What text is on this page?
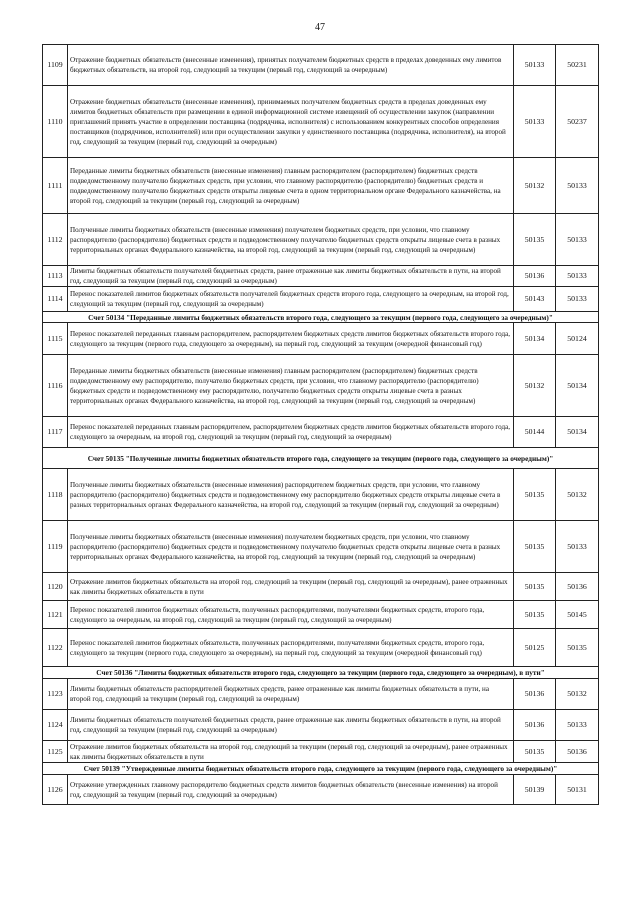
47
1109	Отражение бюджетных обязательств (внесенные изменения), принятых получателем бюджетных средств в пределах доведенных ему лимитов бюджетных обязательств, на второй год, следующий за текущим (первый год, следующий за очередным)	50133	50231
1110	Отражение бюджетных обязательств (внесенные изменения), принимаемых получателем бюджетных средств в пределах доведенных ему лимитов бюджетных обязательств при размещении в единой информационной системе извещений об осуществлении закупок (направлении приглашений принять участие в определении поставщика (подрядчика, исполнителя) с использованием конкурентных способов определения поставщиков (подрядчиков, исполнителей) или при осуществлении закупки у единственного поставщика (подрядчика, исполнителя), на второй год, следующий за текущим (первый год, следующий за очередным)	50133	50237
1111	Переданные лимиты бюджетных обязательств (внесенные изменения) главным распорядителем (распорядителем) бюджетных средств подведомственному получателю бюджетных средств, при условии, что главному распорядителю (распорядителю) бюджетных средств и подведомственному получателю бюджетных средств открыты лицевые счета в одном территориальном органе Федерального казначейства, на второй год, следующий за текущим (первый год, следующий за очередным)	50132	50133
1112	Полученные лимиты бюджетных обязательств (внесенные изменения) получателем бюджетных средств, при условии, что главному распорядителю (распорядителю) бюджетных средств и подведомственному получателю бюджетных средств открыты лицевые счета в разных территориальных органах Федерального казначейства, на второй год, следующий за текущим (первый год, следующий за очередным)	50135	50133
1113	Лимиты бюджетных обязательств получателей бюджетных средств, ранее отраженные как лимиты бюджетных обязательств в пути, на второй год, следующий за текущим (первый год, следующий за очередным)	50136	50133
1114	Перенос показателей лимитов бюджетных обязательств получателей бюджетных средств второго года, следующего за очередным, на второй год, следующий за текущим (первый год, следующий за очередным)	50143	50133
Счет 50134 "Переданные лимиты бюджетных обязательств второго года, следующего за текущим (первого года, следующего за очередным)"			
1115	Перенос показателей переданных главным распорядителем, распорядителем бюджетных средств лимитов бюджетных обязательств второго года, следующего за текущим (первого года, следующего за очередным), на первый год, следующий за текущим (очередной финансовый год)	50134	50124
1116	Переданные лимиты бюджетных обязательств (внесенные изменения) главным распорядителем (распорядителем) бюджетных средств подведомственному ему распорядителю, получателю бюджетных средств, при условии, что главному распорядителю (распорядителю) бюджетных средств и подведомственному ему распорядителю, получателю бюджетных средств открыты лицевые счета в разных территориальных органах Федерального казначейства, на второй год, следующий за текущим (первый год, следующий за очередным)	50132	50134
1117	Перенос показателей переданных главным распорядителем, распорядителем бюджетных средств лимитов бюджетных обязательств второго года, следующего за очередным, на второй год, следующий за текущим (первый год, следующий за очередным)	50144	50134
Счет 50135 "Полученные лимиты бюджетных обязательств второго года, следующего за текущим (первого года, следующего за очередным)"			
1118	Полученные лимиты бюджетных обязательств (внесенные изменения) распорядителем бюджетных средств, при условии, что главному распорядителю (распорядителю) бюджетных средств и подведомственному ему распорядителю бюджетных средств открыты лицевые счета в разных территориальных органах Федерального казначейства, на второй год, следующий за текущим (первый год, следующий за очередным)	50135	50132
1119	Полученные лимиты бюджетных обязательств (внесенные изменения) получателем бюджетных средств, при условии, что главному распорядителю (распорядителю) бюджетных средств и подведомственному получателю бюджетных средств открыты лицевые счета в разных территориальных органах Федерального казначейства, на второй год, следующий за текущим (первый год, следующий за очередным)	50135	50133
1120	Отражение лимитов бюджетных обязательств на второй год, следующий за текущим (первый год, следующий за очередным), ранее отраженных как лимиты бюджетных обязательств в пути	50135	50136
1121	Перенос показателей лимитов бюджетных обязательств, полученных распорядителями, получателями бюджетных средств, второго года, следующего за очередным, на второй год, следующий за текущим (первый год, следующий за очередным)	50135	50145
1122	Перенос показателей лимитов бюджетных обязательств, полученных распорядителями, получателями бюджетных средств, второго года, следующего за текущим (первого года, следующего за очередным), на первый год, следующий за текущим (очередной финансовый год)	50125	50135
Счет 50136 "Лимиты бюджетных обязательств второго года, следующего за текущим (первого года, следующего за очередным), в пути"			
1123	Лимиты бюджетных обязательств распорядителей бюджетных средств, ранее отраженные как лимиты бюджетных обязательств в пути, на второй год, следующий за текущим (первый год, следующий за очередным)	50136	50132
1124	Лимиты бюджетных обязательств получателей бюджетных средств, ранее отраженные как лимиты бюджетных обязательств в пути, на второй год, следующий за текущим (первый год, следующий за очередным)	50136	50133
1125	Отражение лимитов бюджетных обязательств на второй год, следующий за текущим (первый год, следующий за очередным), ранее отраженных как лимиты бюджетных обязательств в пути	50135	50136
Счет 50139 "Утвержденные лимиты бюджетных обязательств второго года, следующего за текущим (первого года, следующего за очередным)"			
1126	Отражение утвержденных главному распорядителю бюджетных средств лимитов бюджетных обязательств (внесенные изменения) на второй год, следующий за текущим (первый год, следующий за очередным)	50139	50131
